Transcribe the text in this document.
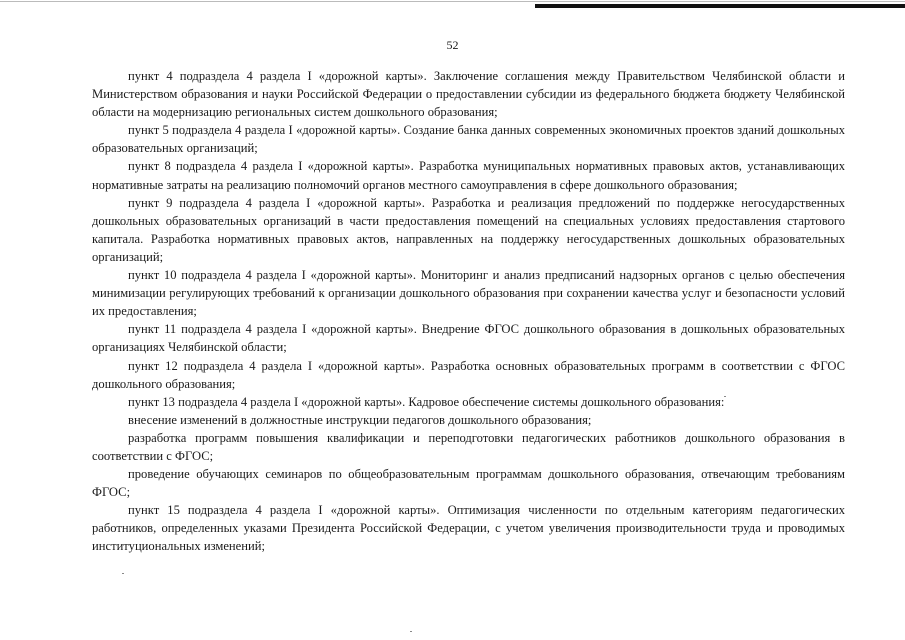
52

пункт 4 подраздела 4 раздела I «дорожной карты». Заключение соглашения между Правительством Челябинской области и Министерством образования и науки Российской Федерации о предоставлении субсидии из федерального бюджета бюджету Челябинской области на модернизацию региональных систем дошкольного образования;

пункт 5 подраздела 4 раздела I «дорожной карты». Создание банка данных современных экономичных проектов зданий дошкольных образовательных организаций;

пункт 8 подраздела 4 раздела I «дорожной карты». Разработка муниципальных нормативных правовых актов, устанавливающих нормативные затраты на реализацию полномочий органов местного самоуправления в сфере дошкольного образования;

пункт 9 подраздела 4 раздела I «дорожной карты». Разработка и реализация предложений по поддержке негосударственных дошкольных образовательных организаций в части предоставления помещений на специальных условиях предоставления стартового капитала. Разработка нормативных правовых актов, направленных на поддержку негосударственных дошкольных образовательных организаций;

пункт 10 подраздела 4 раздела I «дорожной карты». Мониторинг и анализ предписаний надзорных органов с целью обеспечения минимизации регулирующих требований к организации дошкольного образования при сохранении качества услуг и безопасности условий их предоставления;

пункт 11 подраздела 4 раздела I «дорожной карты». Внедрение ФГОС дошкольного образования в дошкольных образовательных организациях Челябинской области;

пункт 12 подраздела 4 раздела I «дорожной карты». Разработка основных образовательных программ в соответствии с ФГОС дошкольного образования;

пункт 13 подраздела 4 раздела I «дорожной карты». Кадровое обеспечение системы дошкольного образования:

внесение изменений в должностные инструкции педагогов дошкольного образования;

разработка программ повышения квалификации и переподготовки педагогических работников дошкольного образования в соответствии с ФГОС;

проведение обучающих семинаров по общеобразовательным программам дошкольного образования, отвечающим требованиям ФГОС;

пункт 15 подраздела 4 раздела I «дорожной карты». Оптимизация численности по отдельным категориям педагогических работников, определенных указами Президента Российской Федерации, с учетом увеличения производительности труда и проводимых институциональных изменений;
